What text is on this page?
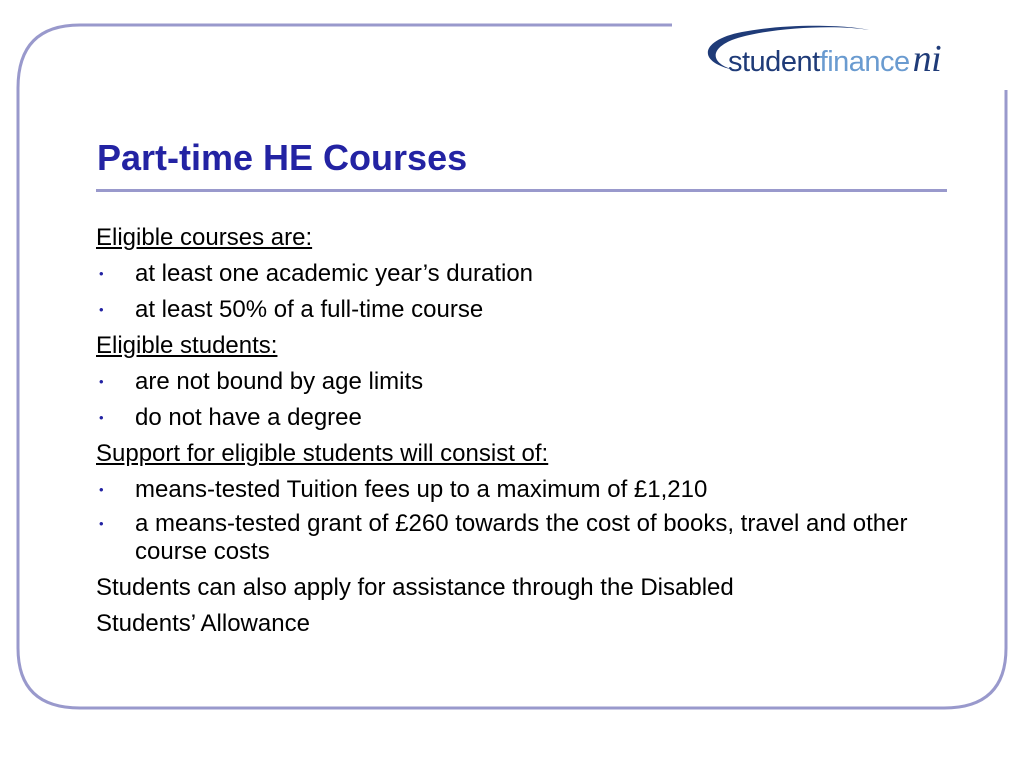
studentfinanceni
Part-time HE Courses

Eligible courses are:

• at least one academic year’s duration

• at least 50% of a full-time course

Eligible students:

• are not bound by age limits

• do not have a degree

Support for eligible students will consist of:

• means-tested Tuition fees up to a maximum of £1,210

• a means-tested grant of £260 towards the cost of books, travel and other course costs

Students can also apply for assistance through the Disabled

Students’ Allowance
